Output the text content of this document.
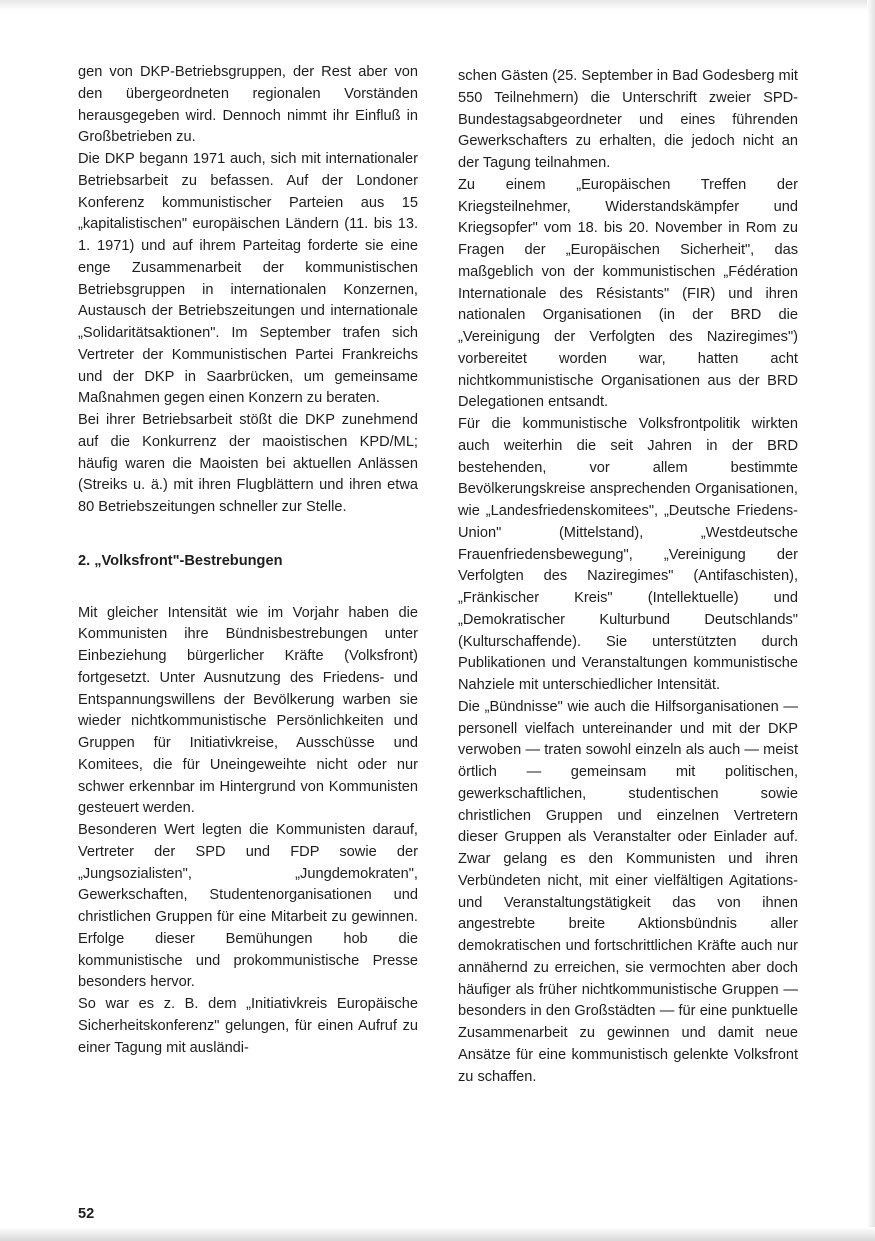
gen von DKP-Betriebsgruppen, der Rest aber von den übergeordneten regionalen Vorständen herausgegeben wird. Dennoch nimmt ihr Einfluß in Großbetrieben zu.

Die DKP begann 1971 auch, sich mit internationaler Betriebsarbeit zu befassen. Auf der Londoner Konferenz kommunistischer Parteien aus 15 „kapitalistischen" europäischen Ländern (11. bis 13. 1. 1971) und auf ihrem Parteitag forderte sie eine enge Zusammenarbeit der kommunistischen Betriebsgruppen in internationalen Konzernen, Austausch der Betriebszeitungen und internationale „Solidaritätsaktionen". Im September trafen sich Vertreter der Kommunistischen Partei Frankreichs und der DKP in Saarbrücken, um gemeinsame Maßnahmen gegen einen Konzern zu beraten.

Bei ihrer Betriebsarbeit stößt die DKP zunehmend auf die Konkurrenz der maoistischen KPD/ML; häufig waren die Maoisten bei aktuellen Anlässen (Streiks u. ä.) mit ihren Flugblättern und ihren etwa 80 Betriebszeitungen schneller zur Stelle.

2. „Volksfront"-Bestrebungen

Mit gleicher Intensität wie im Vorjahr haben die Kommunisten ihre Bündnisbestrebungen unter Einbeziehung bürgerlicher Kräfte (Volksfront) fortgesetzt. Unter Ausnutzung des Friedens- und Entspannungswillens der Bevölkerung warben sie wieder nichtkommunistische Persönlichkeiten und Gruppen für Initiativkreise, Ausschüsse und Komitees, die für Uneingeweihte nicht oder nur schwer erkennbar im Hintergrund von Kommunisten gesteuert werden.

Besonderen Wert legten die Kommunisten darauf, Vertreter der SPD und FDP sowie der „Jungsozialisten", „Jungdemokraten", Gewerkschaften, Studentenorganisationen und christlichen Gruppen für eine Mitarbeit zu gewinnen. Erfolge dieser Bemühungen hob die kommunistische und prokommunistische Presse besonders hervor.

So war es z. B. dem „Initiativkreis Europäische Sicherheitskonferenz" gelungen, für einen Aufruf zu einer Tagung mit ausländi-

schen Gästen (25. September in Bad Godesberg mit 550 Teilnehmern) die Unterschrift zweier SPD-Bundestagsabgeordneter und eines führenden Gewerkschafters zu erhalten, die jedoch nicht an der Tagung teilnahmen.

Zu einem „Europäischen Treffen der Kriegsteilnehmer, Widerstandskämpfer und Kriegsopfer" vom 18. bis 20. November in Rom zu Fragen der „Europäischen Sicherheit", das maßgeblich von der kommunistischen „Fédération Internationale des Résistants" (FIR) und ihren nationalen Organisationen (in der BRD die „Vereinigung der Verfolgten des Naziregimes") vorbereitet worden war, hatten acht nichtkommunistische Organisationen aus der BRD Delegationen entsandt.

Für die kommunistische Volksfrontpolitik wirkten auch weiterhin die seit Jahren in der BRD bestehenden, vor allem bestimmte Bevölkerungskreise ansprechenden Organisationen, wie „Landesfriedenskomitees", „Deutsche Friedens-Union" (Mittelstand), „Westdeutsche Frauenfriedensbewegung", „Vereinigung der Verfolgten des Naziregimes" (Antifaschisten), „Fränkischer Kreis" (Intellektuelle) und „Demokratischer Kulturbund Deutschlands" (Kulturschaffende). Sie unterstützten durch Publikationen und Veranstaltungen kommunistische Nahziele mit unterschiedlicher Intensität.

Die „Bündnisse" wie auch die Hilfsorganisationen — personell vielfach untereinander und mit der DKP verwoben — traten sowohl einzeln als auch — meist örtlich — gemeinsam mit politischen, gewerkschaftlichen, studentischen sowie christlichen Gruppen und einzelnen Vertretern dieser Gruppen als Veranstalter oder Einlader auf. Zwar gelang es den Kommunisten und ihren Verbündeten nicht, mit einer vielfältigen Agitations- und Veranstaltungstätigkeit das von ihnen angestrebte breite Aktionsbündnis aller demokratischen und fortschrittlichen Kräfte auch nur annähernd zu erreichen, sie vermochten aber doch häufiger als früher nichtkommunistische Gruppen — besonders in den Großstädten — für eine punktuelle Zusammenarbeit zu gewinnen und damit neue Ansätze für eine kommunistisch gelenkte Volksfront zu schaffen.

52
